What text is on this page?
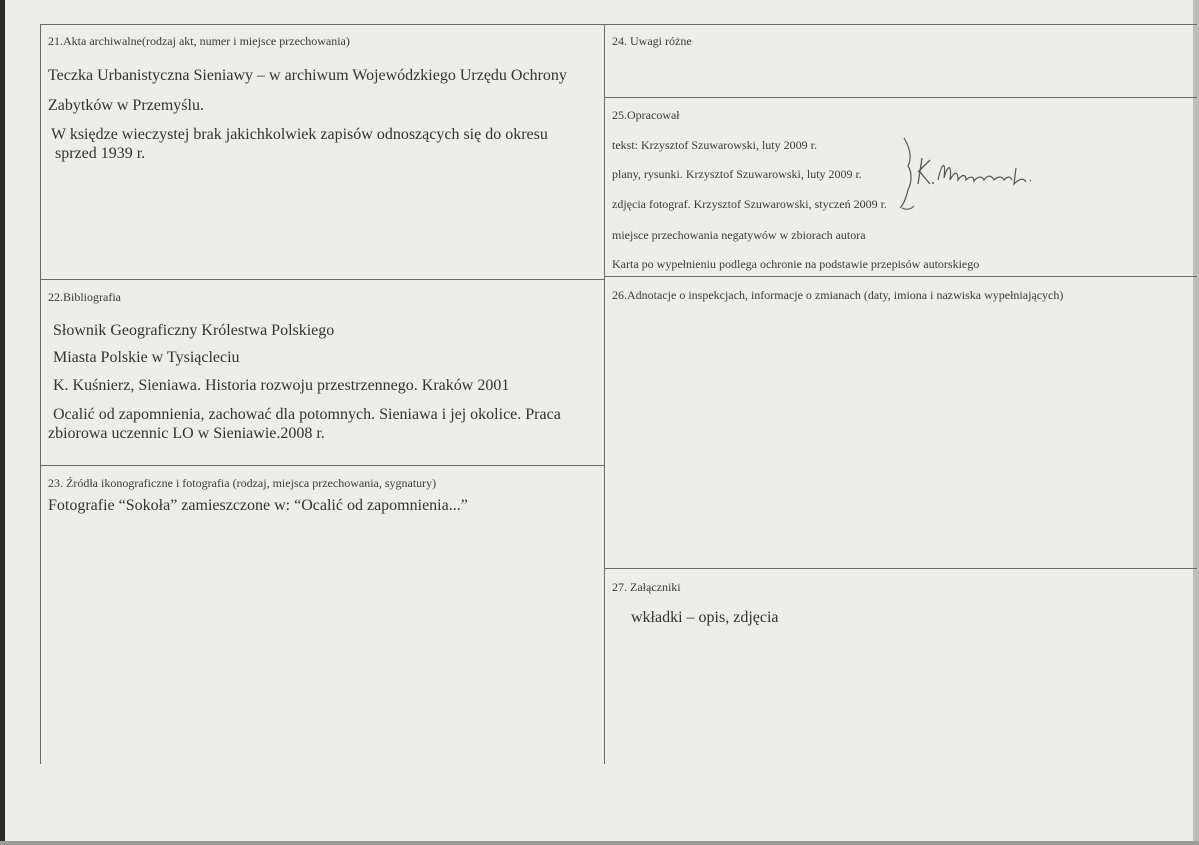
21.Akta archiwalne(rodzaj akt, numer i miejsce przechowania)
Teczka Urbanistyczna Sieniawy – w archiwum Wojewódzkiego Urzędu Ochrony
Zabytków w Przemyślu.
W księdze wieczystej brak jakichkolwiek zapisów odnoszących się do okresu
sprzed 1939 r.
22.Bibliografia
Słownik Geograficzny Królestwa Polskiego
Miasta Polskie w Tysiącleciu
K. Kuśnierz, Sieniawa. Historia rozwoju przestrzennego. Kraków 2001
Ocalić od zapomnienia, zachować dla potomnych. Sieniawa i jej okolice. Praca
zbiorowa uczennic LO w Sieniawie.2008 r.
23. Źródła ikonograficzne i fotografia (rodzaj, miejsca przechowania, sygnatury)
Fotografie “Sokoła” zamieszczone w: “Ocalić od zapomnienia...”
24. Uwagi różne
25.Opracował
tekst: Krzysztof Szuwarowski, luty 2009 r.
plany, rysunki. Krzysztof Szuwarowski, luty 2009 r.
zdjęcia fotograf. Krzysztof Szuwarowski, styczeń 2009 r.
miejsce przechowania negatywów w zbiorach autora
Karta po wypełnieniu podlega ochronie na podstawie przepisów autorskiego
26.Adnotacje o inspekcjach, informacje o zmianach (daty, imiona i nazwiska wypełniających)
27. Załączniki
wkładki – opis, zdjęcia
